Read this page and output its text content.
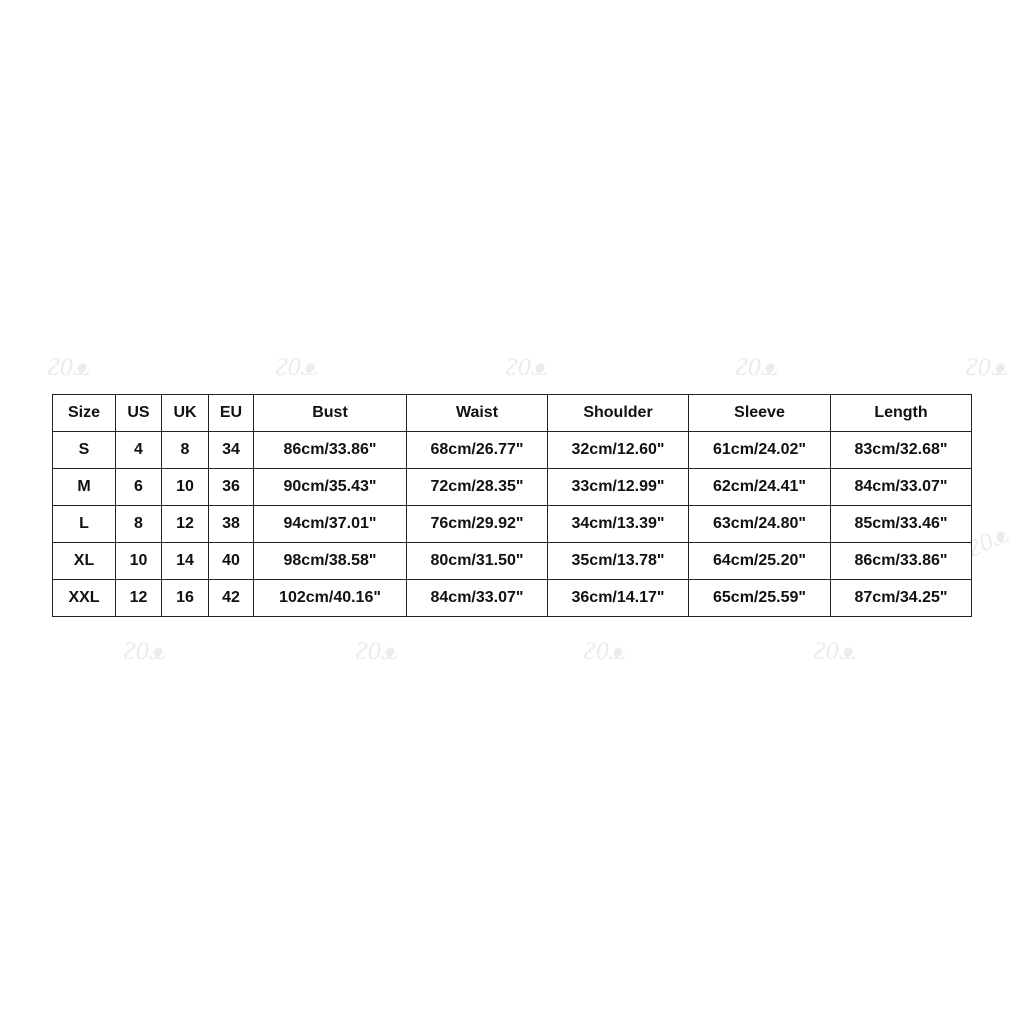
ᴤ0ᴥ	ᴤ0ᴥ	ᴤ0ᴥ	ᴤ0ᴥ	ᴤ0ᴥ
ᴤ0ᴥ	ᴤ0ᴥ	ᴤ0ᴥ	ᴤ0ᴥ
ᴤ0ᴥ
Size	US	UK	EU	Bust	Waist	Shoulder	Sleeve	Length
S	4	8	34	86cm/33.86"	68cm/26.77"	32cm/12.60"	61cm/24.02"	83cm/32.68"
M	6	10	36	90cm/35.43"	72cm/28.35"	33cm/12.99"	62cm/24.41"	84cm/33.07"
L	8	12	38	94cm/37.01"	76cm/29.92"	34cm/13.39"	63cm/24.80"	85cm/33.46"
XL	10	14	40	98cm/38.58"	80cm/31.50"	35cm/13.78"	64cm/25.20"	86cm/33.86"
XXL	12	16	42	102cm/40.16"	84cm/33.07"	36cm/14.17"	65cm/25.59"	87cm/34.25"
